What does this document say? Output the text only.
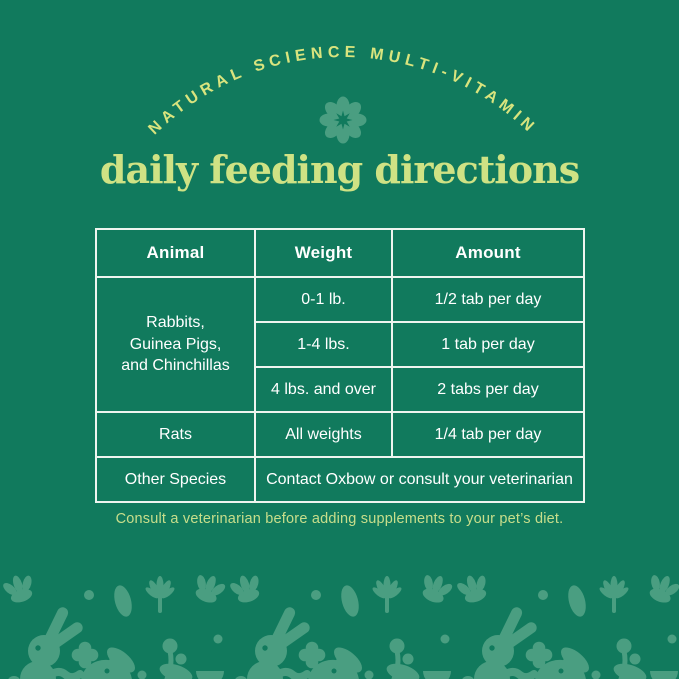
NATURAL SCIENCE MULTI-VITAMIN
daily feeding directions
Animal	Weight	Amount

Rabbits,
Guinea Pigs,
and Chinchillas	0-1 lb.	1/2 tab per day
	1-4 lbs.	1 tab per day
	4 lbs. and over	2 tabs per day
Rats	All weights	1/4 tab per day
Other Species	Contact Oxbow or consult your veterinarian	

Consult a veterinarian before adding supplements to your pet’s diet.
